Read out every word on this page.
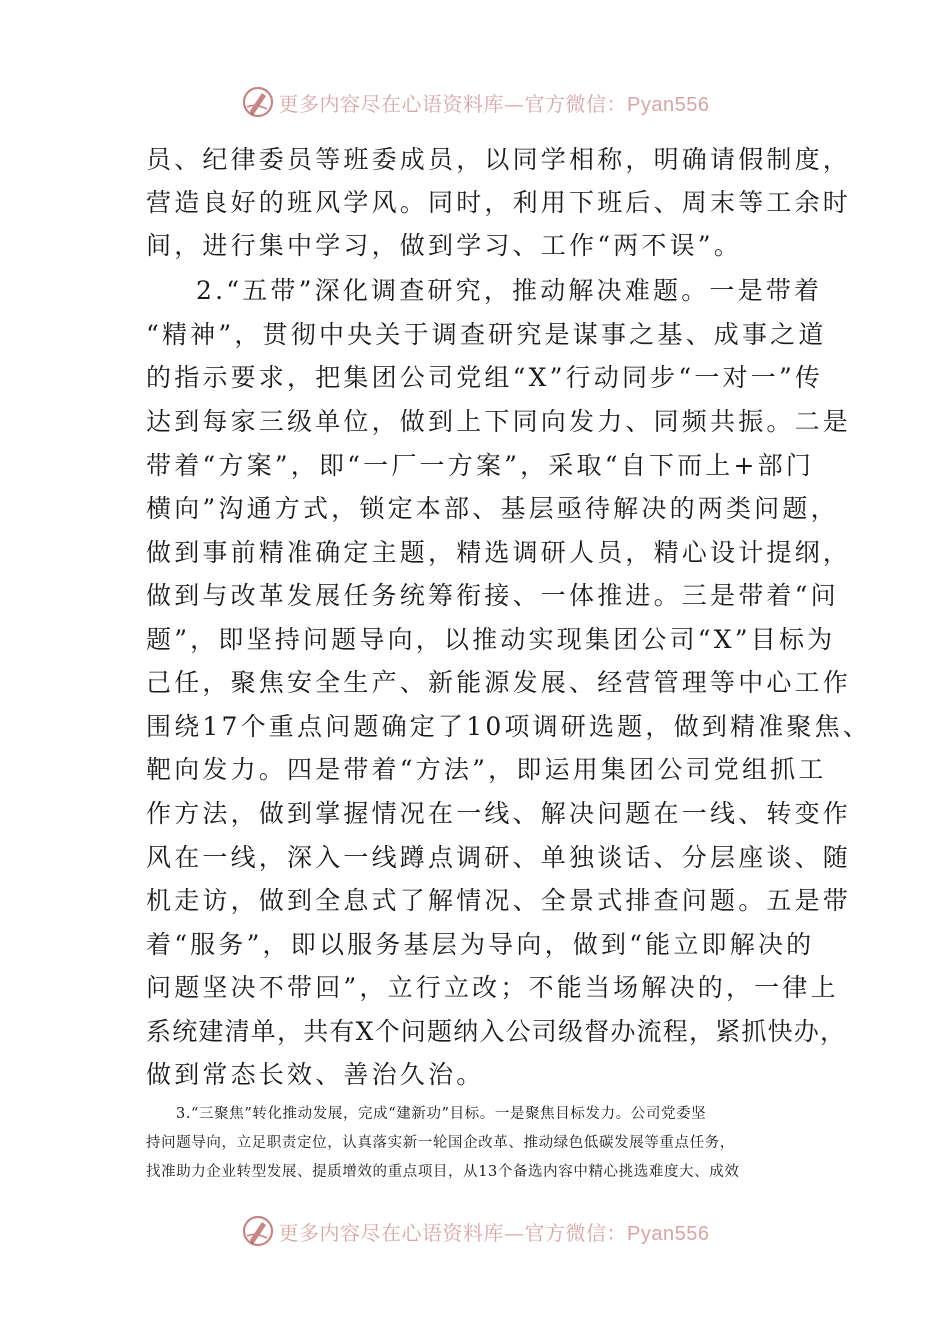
更多内容尽在心语资料库—官方微信：Pyan556
员、纪律委员等班委成员，以同学相称，明确请假制度，
营造良好的班风学风。同时，利用下班后、周末等工余时
间，进行集中学习，做到学习、工作“两不误”。
2.“五带”深化调查研究，推动解决难题。一是带着
“精神”，贯彻中央关于调查研究是谋事之基、成事之道
的指示要求，把集团公司党组“X”行动同步“一对一”传
达到每家三级单位，做到上下同向发力、同频共振。二是
带着“方案”，即“一厂一方案”，采取“自下而上+部门
横向”沟通方式，锁定本部、基层亟待解决的两类问题，
做到事前精准确定主题，精选调研人员，精心设计提纲，
做到与改革发展任务统筹衔接、一体推进。三是带着“问
题”，即坚持问题导向，以推动实现集团公司“X”目标为
己任，聚焦安全生产、新能源发展、经营管理等中心工作
围绕17个重点问题确定了10项调研选题，做到精准聚焦、
靶向发力。四是带着“方法”，即运用集团公司党组抓工
作方法，做到掌握情况在一线、解决问题在一线、转变作
风在一线，深入一线蹲点调研、单独谈话、分层座谈、随
机走访，做到全息式了解情况、全景式排查问题。五是带
着“服务”，即以服务基层为导向，做到“能立即解决的
问题坚决不带回”，立行立改；不能当场解决的，一律上
系统建清单，共有X个问题纳入公司级督办流程，紧抓快办，
做到常态长效、善治久治。
3.“三聚焦”转化推动发展，完成“建新功”目标。一是聚焦目标发力。公司党委坚
持问题导向，立足职责定位，认真落实新一轮国企改革、推动绿色低碳发展等重点任务，
找准助力企业转型发展、提质增效的重点项目，从13个备选内容中精心挑选难度大、成效
更多内容尽在心语资料库—官方微信：Pyan556
